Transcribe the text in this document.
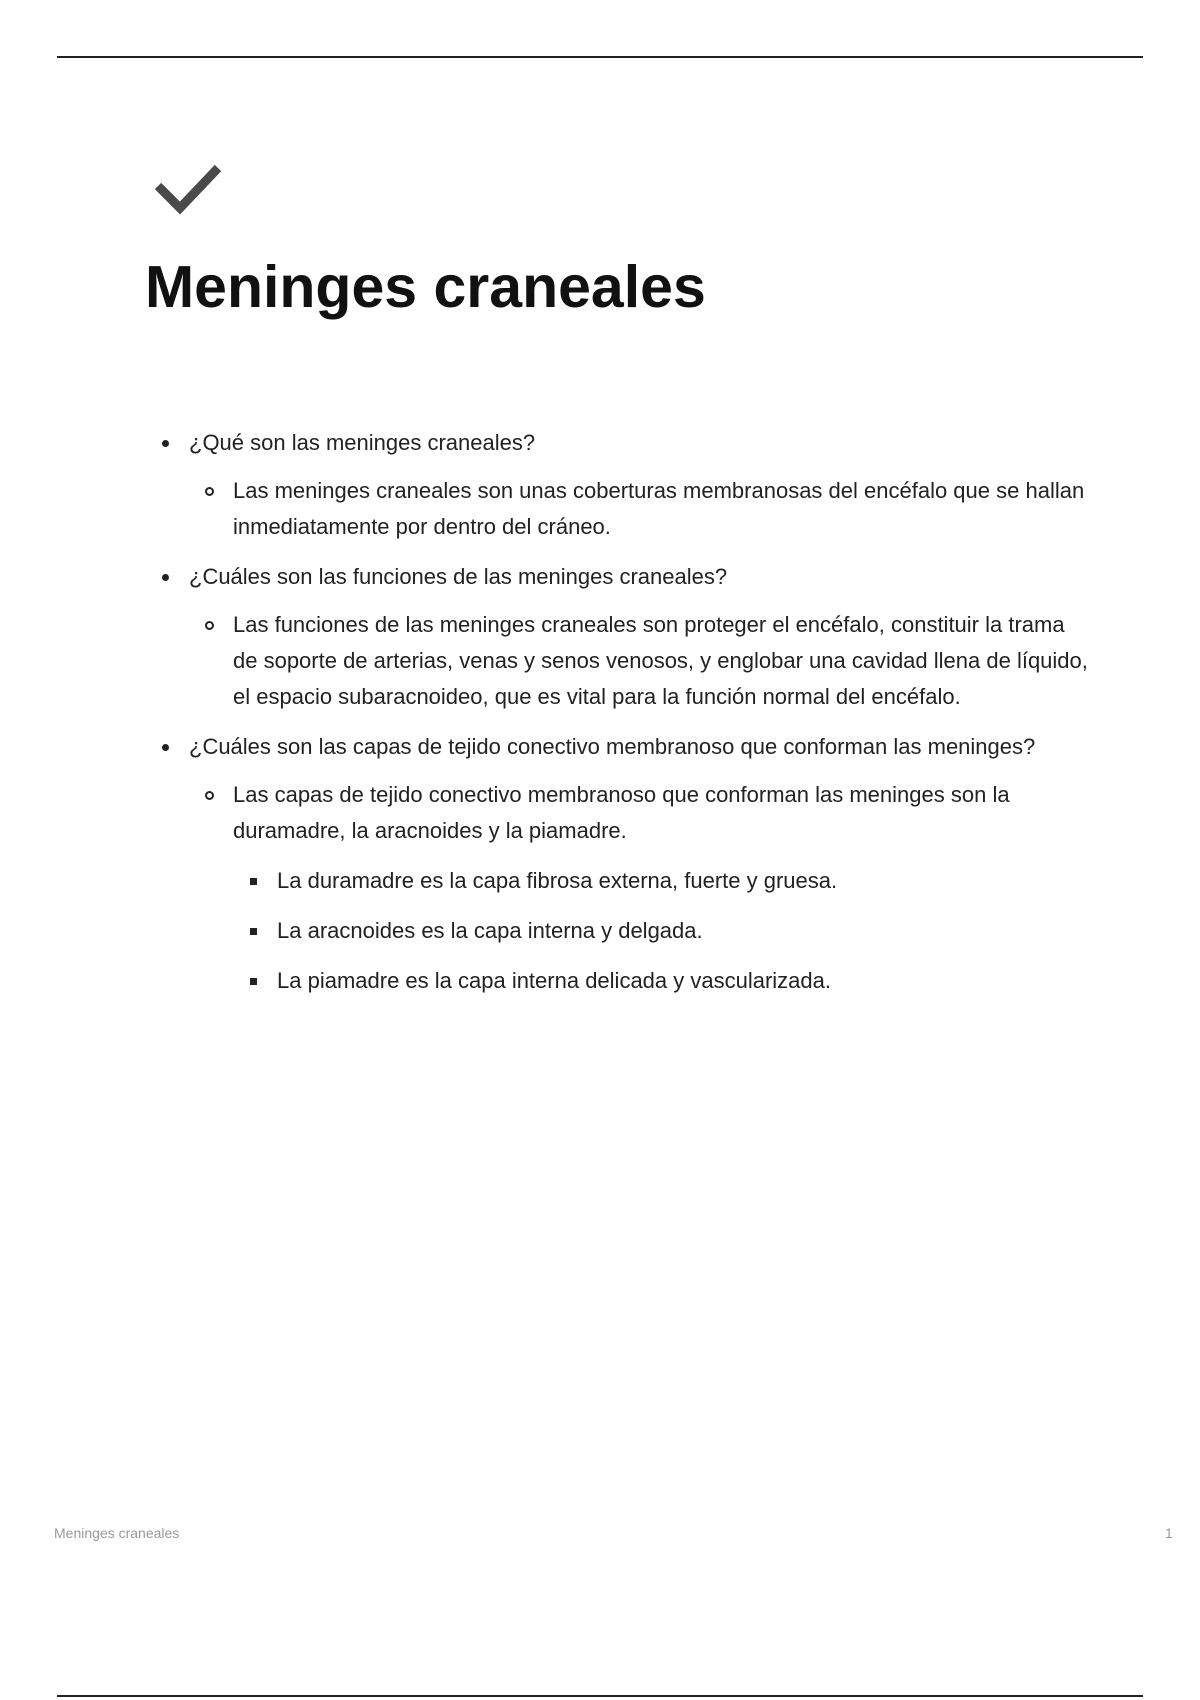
Meninges craneales
¿Qué son las meninges craneales?
Las meninges craneales son unas coberturas membranosas del encéfalo que se hallan inmediatamente por dentro del cráneo.
¿Cuáles son las funciones de las meninges craneales?
Las funciones de las meninges craneales son proteger el encéfalo, constituir la trama de soporte de arterias, venas y senos venosos, y englobar una cavidad llena de líquido, el espacio subaracnoideo, que es vital para la función normal del encéfalo.
¿Cuáles son las capas de tejido conectivo membranoso que conforman las meninges?
Las capas de tejido conectivo membranoso que conforman las meninges son la duramadre, la aracnoides y la piamadre.
La duramadre es la capa fibrosa externa, fuerte y gruesa.
La aracnoides es la capa interna y delgada.
La piamadre es la capa interna delicada y vascularizada.
Meninges craneales	1
